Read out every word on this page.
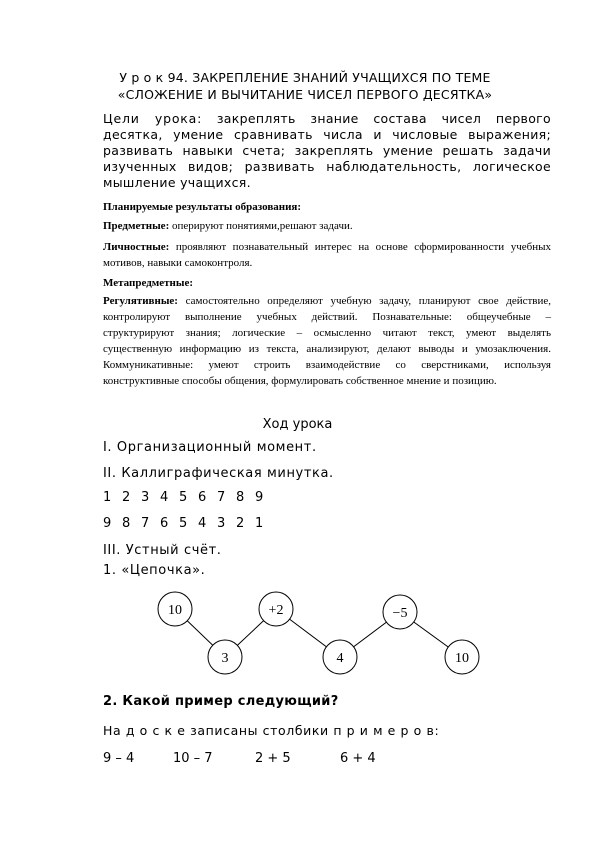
У р о к 94. ЗАКРЕПЛЕНИЕ ЗНАНИЙ УЧАЩИХСЯ ПО ТЕМЕ
«СЛОЖЕНИЕ И ВЫЧИТАНИЕ ЧИСЕЛ ПЕРВОГО ДЕСЯТКА»
Цели урока: закреплять знание состава чисел первого десятка, умение сравнивать числа и числовые выражения; развивать навыки счета; закреплять умение решать задачи изученных видов; развивать наблюдательность, логическое мышление учащихся.
Планируемые результаты образования:
Предметные: оперируют понятиями,решают задачи.
Личностные: проявляют познавательный интерес на основе сформированности учебных мотивов, навыки самоконтроля.
Метапредметные:
Регулятивные: самостоятельно определяют учебную задачу, планируют свое действие, контролируют выполнение учебных действий. Познавательные: общеучебные – структурируют знания; логические – осмысленно читают текст, умеют выделять существенную информацию из текста, анализируют, делают выводы и умозаключения. Коммуникативные: умеют строить взаимодействие со сверстниками, используя конструктивные способы общения, формулировать собственное мнение и позицию.
Ход урока
I. Организационный момент.
II. Каллиграфическая минутка.
1 2 3 4 5 6 7 8 9
9 8 7 6 5 4 3 2 1
III. Устный счёт.
1. «Цепочка».
10	+2	−5
3	4	10
2. Какой пример следующий?
На д о с к е записаны столбики п р и м е р о в:
9 – 4	10 – 7	2 + 5	6 + 4
